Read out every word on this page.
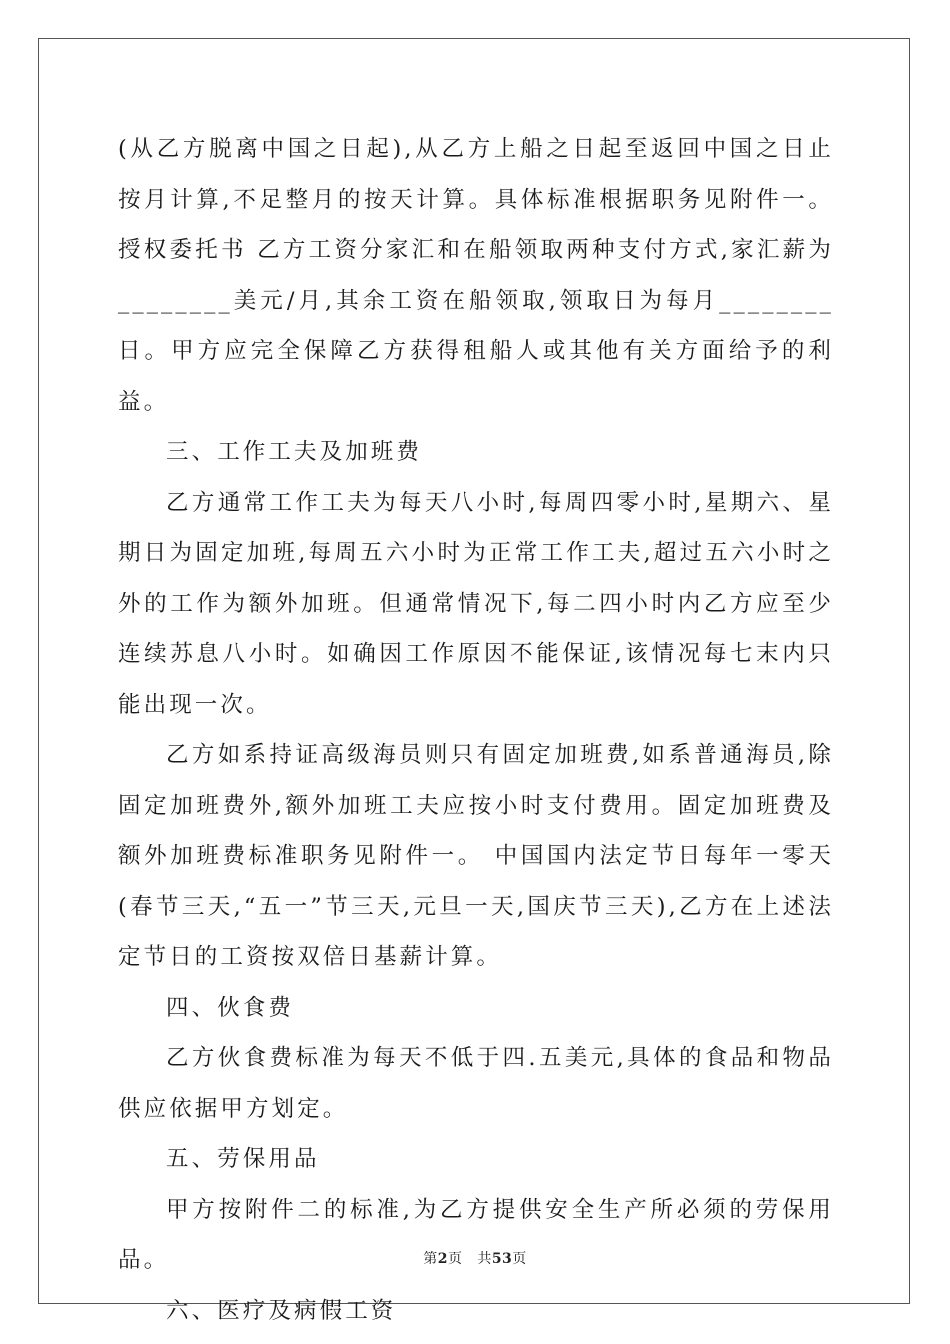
(从乙方脱离中国之日起),从乙方上船之日起至返回中国之日止按月计算,不足整月的按天计算。具体标准根据职务见附件一。 授权委托书 乙方工资分家汇和在船领取两种支付方式,家汇薪为________美元/月,其余工资在船领取,领取日为每月________日。甲方应完全保障乙方获得租船人或其他有关方面给予的利益。

三、工作工夫及加班费

乙方通常工作工夫为每天八小时,每周四零小时,星期六、星期日为固定加班,每周五六小时为正常工作工夫,超过五六小时之外的工作为额外加班。但通常情况下,每二四小时内乙方应至少连续苏息八小时。如确因工作原因不能保证,该情况每七末内只能出现一次。

乙方如系持证高级海员则只有固定加班费,如系普通海员,除固定加班费外,额外加班工夫应按小时支付费用。固定加班费及额外加班费标准职务见附件一。 中国国内法定节日每年一零天(春节三天,“五一”节三天,元旦一天,国庆节三天),乙方在上述法定节日的工资按双倍日基薪计算。

四、伙食费

乙方伙食费标准为每天不低于四.五美元,具体的食品和物品供应依据甲方划定。

五、劳保用品

甲方按附件二的标准,为乙方提供安全生产所必须的劳保用品。

六、医疗及病假工资

第2页 共53页
